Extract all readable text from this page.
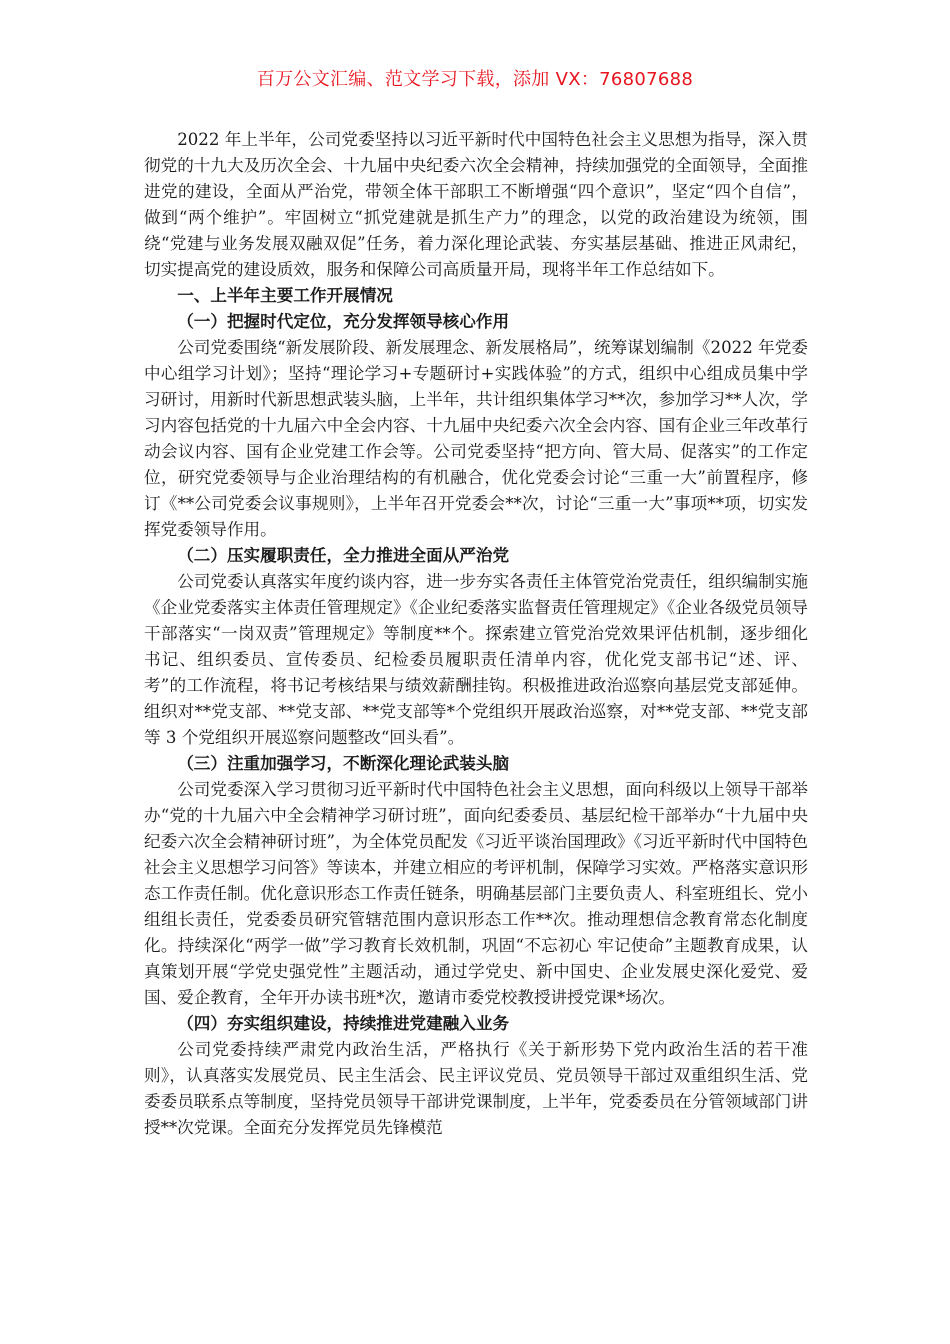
百万公文汇编、范文学习下载，添加 VX：76807688

2022 年上半年，公司党委坚持以习近平新时代中国特色社会主义思想为指导，深入贯彻党的十九大及历次全会、十九届中央纪委六次全会精神，持续加强党的全面领导，全面推进党的建设，全面从严治党，带领全体干部职工不断增强“四个意识”，坚定“四个自信”，做到“两个维护”。牢固树立“抓党建就是抓生产力”的理念，以党的政治建设为统领，围绕“党建与业务发展双融双促”任务，着力深化理论武装、夯实基层基础、推进正风肃纪，切实提高党的建设质效，服务和保障公司高质量开局，现将半年工作总结如下。

一、上半年主要工作开展情况
（一）把握时代定位，充分发挥领导核心作用

公司党委围绕“新发展阶段、新发展理念、新发展格局”，统筹谋划编制《2022 年党委中心组学习计划》；坚持“理论学习+专题研讨+实践体验”的方式，组织中心组成员集中学习研讨，用新时代新思想武装头脑，上半年，共计组织集体学习**次，参加学习**人次，学习内容包括党的十九届六中全会内容、十九届中央纪委六次全会内容、国有企业三年改革行动会议内容、国有企业党建工作会等。公司党委坚持“把方向、管大局、促落实”的工作定位，研究党委领导与企业治理结构的有机融合，优化党委会讨论“三重一大”前置程序，修订《**公司党委会议事规则》，上半年召开党委会**次，讨论“三重一大”事项**项，切实发挥党委领导作用。

（二）压实履职责任，全力推进全面从严治党

公司党委认真落实年度约谈内容，进一步夯实各责任主体管党治党责任，组织编制实施《企业党委落实主体责任管理规定》《企业纪委落实监督责任管理规定》《企业各级党员领导干部落实“一岗双责”管理规定》等制度**个。探索建立管党治党效果评估机制，逐步细化书记、组织委员、宣传委员、纪检委员履职责任清单内容，优化党支部书记“述、评、考”的工作流程，将书记考核结果与绩效薪酬挂钩。积极推进政治巡察向基层党支部延伸。组织对**党支部、**党支部、**党支部等*个党组织开展政治巡察，对**党支部、**党支部等 3 个党组织开展巡察问题整改“回头看”。

（三）注重加强学习，不断深化理论武装头脑

公司党委深入学习贯彻习近平新时代中国特色社会主义思想，面向科级以上领导干部举办“党的十九届六中全会精神学习研讨班”，面向纪委委员、基层纪检干部举办“十九届中央纪委六次全会精神研讨班”，为全体党员配发《习近平谈治国理政》《习近平新时代中国特色社会主义思想学习问答》等读本，并建立相应的考评机制，保障学习实效。严格落实意识形态工作责任制。优化意识形态工作责任链条，明确基层部门主要负责人、科室班组长、党小组组长责任，党委委员研究管辖范围内意识形态工作**次。推动理想信念教育常态化制度化。持续深化“两学一做”学习教育长效机制，巩固“不忘初心 牢记使命”主题教育成果，认真策划开展“学党史强党性”主题活动，通过学党史、新中国史、企业发展史深化爱党、爱国、爱企教育，全年开办读书班*次，邀请市委党校教授讲授党课*场次。

（四）夯实组织建设，持续推进党建融入业务

公司党委持续严肃党内政治生活，严格执行《关于新形势下党内政治生活的若干准则》，认真落实发展党员、民主生活会、民主评议党员、党员领导干部过双重组织生活、党委委员联系点等制度，坚持党员领导干部讲党课制度，上半年，党委委员在分管领域部门讲授**次党课。全面充分发挥党员先锋模范
